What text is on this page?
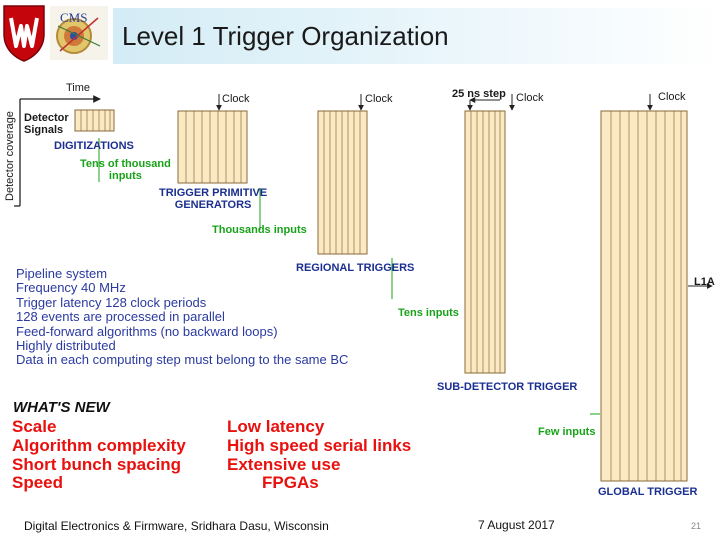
CMS
Level 1 Trigger Organization
Time
Detector
Signals
Detector coverage	DIGITIZATIONS
Tens of thousand
inputs
TRIGGER PRIMITIVE
GENERATORS
Thousands inputs
REGIONAL TRIGGERS
Tens inputs
SUB-DETECTOR TRIGGER
Few inputs
GLOBAL TRIGGER
Clock	Clock	Clock	Clock
25 ns step
L1A
Pipeline system
Frequency 40 MHz
Trigger latency 128 clock periods
128 events are processed in parallel
Feed-forward algorithms (no backward loops)
Highly distributed
Data in each computing step must belong to the same BC
WHAT'S NEW
Scale
Algorithm complexity
Short bunch spacing
Speed
Low latency
High speed serial links
Extensive use
FPGAs
Digital Electronics & Firmware, Sridhara Dasu, Wisconsin	7 August 2017	21
